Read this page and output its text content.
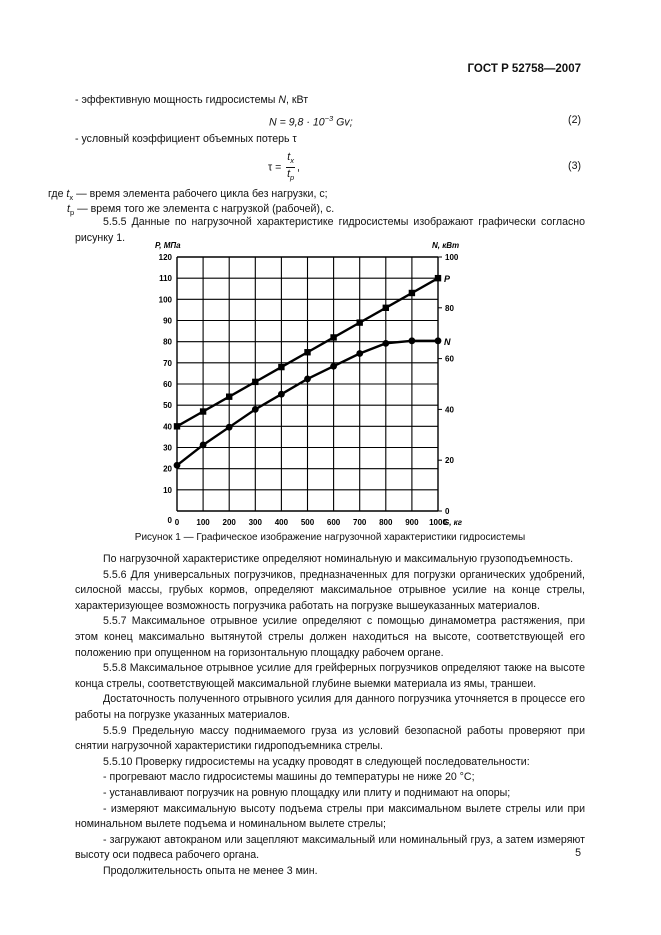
ГОСТ Р 52758—2007
- эффективную мощность гидросистемы N, кВт
$N = 9,8 \cdot 10^{-3}$ Gv;	(2)
- условный коэффициент объемных потерь τ
$\tau = \frac{t_х}{t_р}$ ,	(3)
где $t_х$ — время элемента рабочего цикла без нагрузки, с;
$t_р$ — время того же элемента с нагрузкой (рабочей), с.
5.5.5 Данные по нагрузочной характеристике гидросистемы изображают графически согласно рисунку 1.
0 100 200 300 400 500 600 700 800 900 1000
10
20
30
40
50
60
70
80
90
100
110
120
0
0
20
40
60
80
100
P, МПа	N, кВт
G, кг
P
N
Рисунок 1 — Графическое изображение нагрузочной характеристики гидросистемы
По нагрузочной характеристике определяют номинальную и максимальную грузоподъемность.
5.5.6 Для универсальных погрузчиков, предназначенных для погрузки органических удобрений, силосной массы, грубых кормов, определяют максимальное отрывное усилие на конце стрелы, характеризующее возможность погрузчика работать на погрузке вышеуказанных материалов.
5.5.7 Максимальное отрывное усилие определяют с помощью динамометра растяжения, при этом конец максимально вытянутой стрелы должен находиться на высоте, соответствующей его положению при опущенном на горизонтальную площадку рабочем органе.
5.5.8 Максимальное отрывное усилие для грейферных погрузчиков определяют также на высоте конца стрелы, соответствующей максимальной глубине выемки материала из ямы, траншеи.
Достаточность полученного отрывного усилия для данного погрузчика уточняется в процессе его работы на погрузке указанных материалов.
5.5.9 Предельную массу поднимаемого груза из условий безопасной работы проверяют при снятии нагрузочной характеристики гидроподъемника стрелы.
5.5.10 Проверку гидросистемы на усадку проводят в следующей последовательности:
- прогревают масло гидросистемы машины до температуры не ниже 20 °С;
- устанавливают погрузчик на ровную площадку или плиту и поднимают на опоры;
- измеряют максимальную высоту подъема стрелы при максимальном вылете стрелы или при номинальном вылете подъема и номинальном вылете стрелы;
- загружают автокраном или зацепляют максимальный или номинальный груз, а затем измеряют высоту оси подвеса рабочего органа.
Продолжительность опыта не менее 3 мин.
5
